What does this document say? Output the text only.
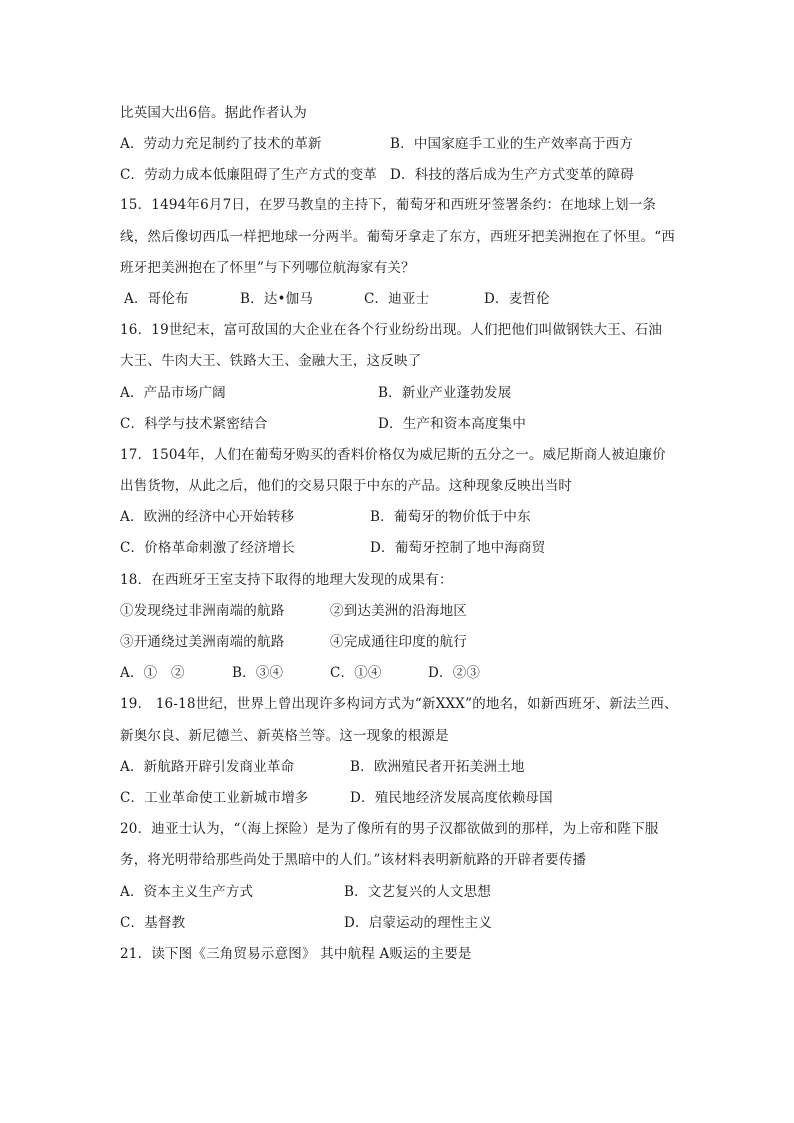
比英国大出6倍。据此作者认为
A．劳动力充足制约了技术的革新	B．中国家庭手工业的生产效率高于西方
C．劳动力成本低廉阻碍了生产方式的变革 D．科技的落后成为生产方式变革的障碍
15．1494年6月7日，在罗马教皇的主持下，葡萄牙和西班牙签署条约：在地球上划一条
线，然后像切西瓜一样把地球一分两半。葡萄牙拿走了东方，西班牙把美洲抱在了怀里。“西
班牙把美洲抱在了怀里”与下列哪位航海家有关？
A．哥伦布	B．达•伽马	C．迪亚士	D．麦哲伦
16．19世纪末，富可敌国的大企业在各个行业纷纷出现。人们把他们叫做钢铁大王、石油
大王、牛肉大王、铁路大王、金融大王，这反映了
A．产品市场广阔	B．新业产业蓬勃发展
C．科学与技术紧密结合	D．生产和资本高度集中
17．1504年，人们在葡萄牙购买的香料价格仅为威尼斯的五分之一。威尼斯商人被迫廉价
出售货物，从此之后，他们的交易只限于中东的产品。这种现象反映出当时
A．欧洲的经济中心开始转移	B．葡萄牙的物价低于中东
C．价格革命刺激了经济增长	D．葡萄牙控制了地中海商贸
18．在西班牙王室支持下取得的地理大发现的成果有：
①发现绕过非洲南端的航路	②到达美洲的沿海地区
③开通绕过美洲南端的航路	④完成通往印度的航行
A．①　②	B．③④	C．①④	D．②③
19． 16-18世纪，世界上曾出现许多构词方式为“新XXX”的地名，如新西班牙、新法兰西、
新奥尔良、新尼德兰、新英格兰等。这一现象的根源是
A．新航路开辟引发商业革命	B．欧洲殖民者开拓美洲土地
C．工业革命使工业新城市增多	D．殖民地经济发展高度依赖母国
20．迪亚士认为，“（海上探险）是为了像所有的男子汉都欲做到的那样，为上帝和陛下服
务，将光明带给那些尚处于黑暗中的人们。”该材料表明新航路的开辟者要传播
A．资本主义生产方式	B．文艺复兴的人文思想
C．基督教	D．启蒙运动的理性主义
21．读下图《三角贸易示意图》 其中航程 A贩运的主要是
